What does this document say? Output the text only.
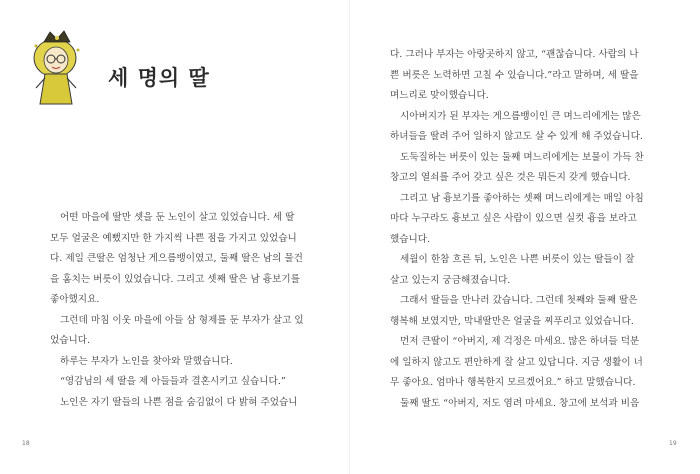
세 명의 딸
어떤 마을에 딸만 셋을 둔 노인이 살고 있었습니다. 세 딸
모두 얼굴은 예뻤지만 한 가지씩 나쁜 점을 가지고 있었습니
다. 제일 큰딸은 엄청난 게으름뱅이였고, 둘째 딸은 남의 물건
을 훔치는 버릇이 있었습니다. 그리고 셋째 딸은 남 흉보기를
좋아했지요.
그런데 마침 이웃 마을에 아들 삼 형제를 둔 부자가 살고 있
었습니다.
하루는 부자가 노인을 찾아와 말했습니다.
“영감님의 세 딸을 제 아들들과 결혼시키고 싶습니다.”
노인은 자기 딸들의 나쁜 점을 숨김없이 다 밝혀 주었습니
18	19
다. 그러나 부자는 아랑곳하지 않고, “괜찮습니다. 사람의 나
쁜 버릇은 노력하면 고칠 수 있습니다.”라고 말하며, 세 딸을
며느리로 맞이했습니다.
시아버지가 된 부자는 게으름뱅이인 큰 며느리에게는 많은
하녀들을 딸려 주어 일하지 않고도 살 수 있게 해 주었습니다.
도둑질하는 버릇이 있는 둘째 며느리에게는 보물이 가득 찬
창고의 열쇠를 주어 갖고 싶은 것은 뭐든지 갖게 했습니다.
그리고 남 흉보기를 좋아하는 셋째 며느리에게는 매일 아침
마다 누구라도 흉보고 싶은 사람이 있으면 실컷 흉을 보라고
했습니다.
세월이 한참 흐른 뒤, 노인은 나쁜 버릇이 있는 딸들이 잘
살고 있는지 궁금해졌습니다.
그래서 딸들을 만나러 갔습니다. 그런데 첫째와 둘째 딸은
행복해 보였지만, 막내딸만은 얼굴을 찌푸리고 있었습니다.
먼저 큰딸이 “아버지, 제 걱정은 마세요. 많은 하녀들 덕분
에 일하지 않고도 편안하게 잘 살고 있답니다. 지금 생활이 너
무 좋아요. 엄마나 행복한지 모르겠어요.” 하고 말했습니다.
둘째 딸도 “아버지, 저도 염려 마세요. 창고에 보석과 비음
